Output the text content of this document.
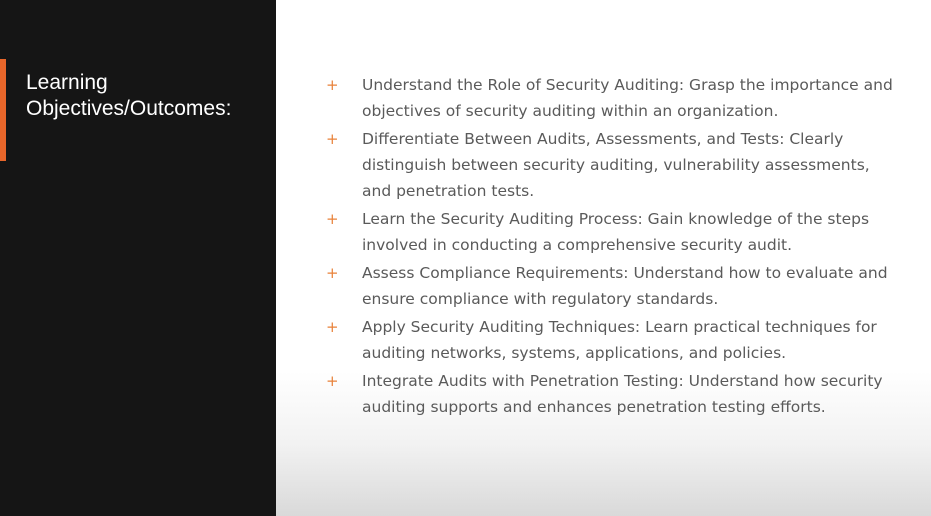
Learning Objectives/Outcomes:
+	Understand the Role of Security Auditing: Grasp the importance and objectives of security auditing within an organization.
+	Differentiate Between Audits, Assessments, and Tests: Clearly distinguish between security auditing, vulnerability assessments, and penetration tests.
+	Learn the Security Auditing Process: Gain knowledge of the steps involved in conducting a comprehensive security audit.
+	Assess Compliance Requirements: Understand how to evaluate and ensure compliance with regulatory standards.
+	Apply Security Auditing Techniques: Learn practical techniques for auditing networks, systems, applications, and policies.
+	Integrate Audits with Penetration Testing: Understand how security auditing supports and enhances penetration testing efforts.
